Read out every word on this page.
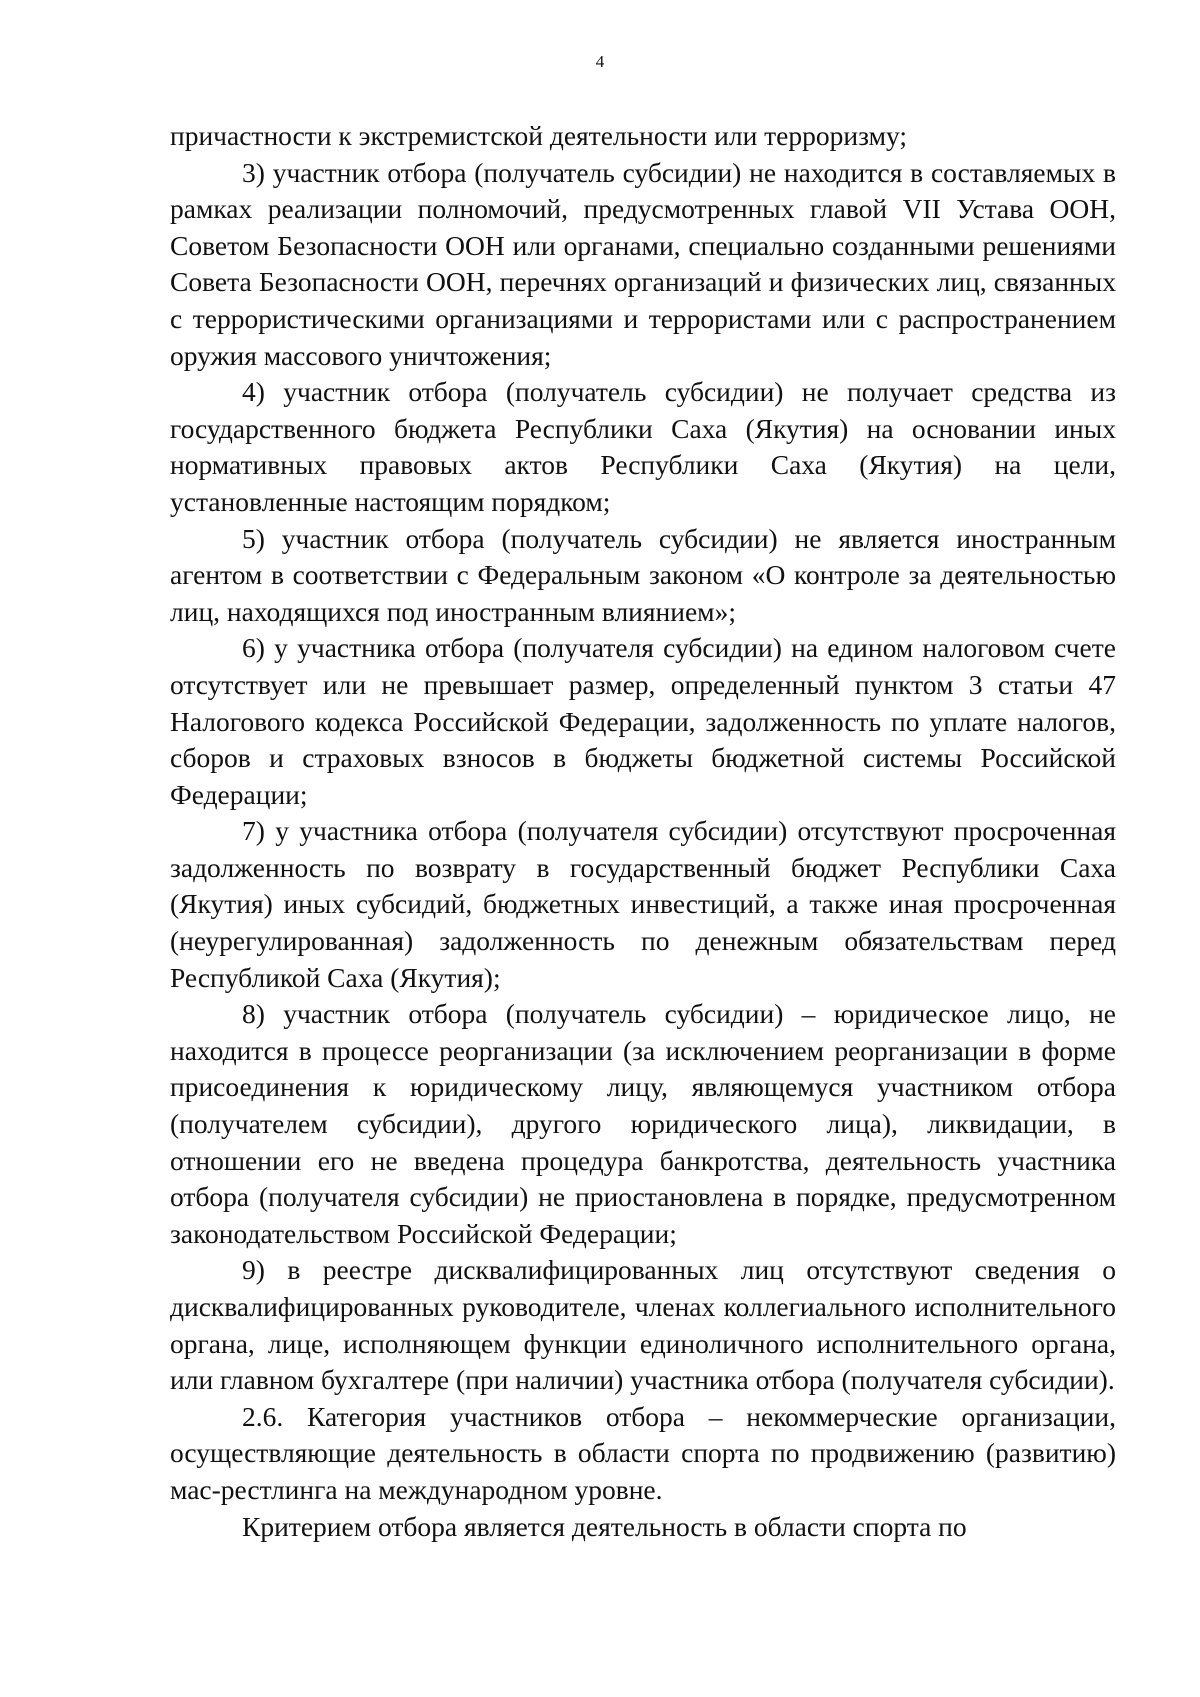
4

причастности к экстремистской деятельности или терроризму;

3) участник отбора (получатель субсидии) не находится в составляемых в рамках реализации полномочий, предусмотренных главой VII Устава ООН, Советом Безопасности ООН или органами, специально созданными решениями Совета Безопасности ООН, перечнях организаций и физических лиц, связанных с террористическими организациями и террористами или с распространением оружия массового уничтожения;

4) участник отбора (получатель субсидии) не получает средства из государственного бюджета Республики Саха (Якутия) на основании иных нормативных правовых актов Республики Саха (Якутия) на цели, установленные настоящим порядком;

5) участник отбора (получатель субсидии) не является иностранным агентом в соответствии с Федеральным законом «О контроле за деятельностью лиц, находящихся под иностранным влиянием»;

6) у участника отбора (получателя субсидии) на едином налоговом счете отсутствует или не превышает размер, определенный пунктом 3 статьи 47 Налогового кодекса Российской Федерации, задолженность по уплате налогов, сборов и страховых взносов в бюджеты бюджетной системы Российской Федерации;

7) у участника отбора (получателя субсидии) отсутствуют просроченная задолженность по возврату в государственный бюджет Республики Саха (Якутия) иных субсидий, бюджетных инвестиций, а также иная просроченная (неурегулированная) задолженность по денежным обязательствам перед Республикой Саха (Якутия);

8) участник отбора (получатель субсидии) – юридическое лицо, не находится в процессе реорганизации (за исключением реорганизации в форме присоединения к юридическому лицу, являющемуся участником отбора (получателем субсидии), другого юридического лица), ликвидации, в отношении его не введена процедура банкротства, деятельность участника отбора (получателя субсидии) не приостановлена в порядке, предусмотренном законодательством Российской Федерации;

9) в реестре дисквалифицированных лиц отсутствуют сведения о дисквалифицированных руководителе, членах коллегиального исполнительного органа, лице, исполняющем функции единоличного исполнительного органа, или главном бухгалтере (при наличии) участника отбора (получателя субсидии).

2.6. Категория участников отбора – некоммерческие организации, осуществляющие деятельность в области спорта по продвижению (развитию) мас-рестлинга на международном уровне.

Критерием отбора является деятельность в области спорта по
